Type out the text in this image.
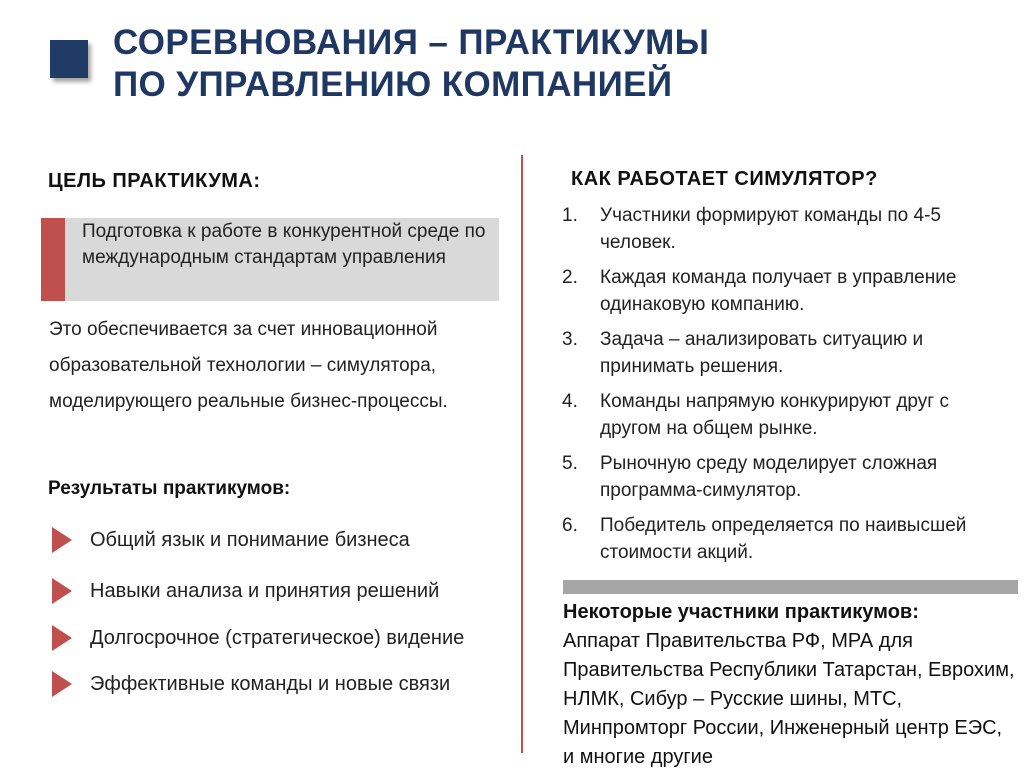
СОРЕВНОВАНИЯ – ПРАКТИКУМЫ
ПО УПРАВЛЕНИЮ КОМПАНИЕЙ
ЦЕЛЬ ПРАКТИКУМА:
Подготовка к работе в конкурентной среде по международным стандартам управления

Это обеспечивается за счет инновационной образовательной технологии – симулятора, моделирующего реальные бизнес-процессы.

Результаты практикумов:

Общий язык и понимание бизнеса
Навыки анализа и принятия решений
Долгосрочное (стратегическое) видение
Эффективные команды и новые связи
КАК РАБОТАЕТ СИМУЛЯТОР?
1. Участники формируют команды по 4-5 человек.
2. Каждая команда получает в управление одинаковую компанию.
3. Задача – анализировать ситуацию и принимать решения.
4. Команды напрямую конкурируют друг с другом на общем рынке.
5. Рыночную среду моделирует сложная программа-симулятор.
6. Победитель определяется по наивысшей стоимости акций.
Некоторые участники практикумов:
Аппарат Правительства РФ, МРА для Правительства Республики Татарстан, Еврохим, НЛМК, Сибур – Русские шины, МТС, Минпромторг России, Инженерный центр ЕЭС, и многие другие
